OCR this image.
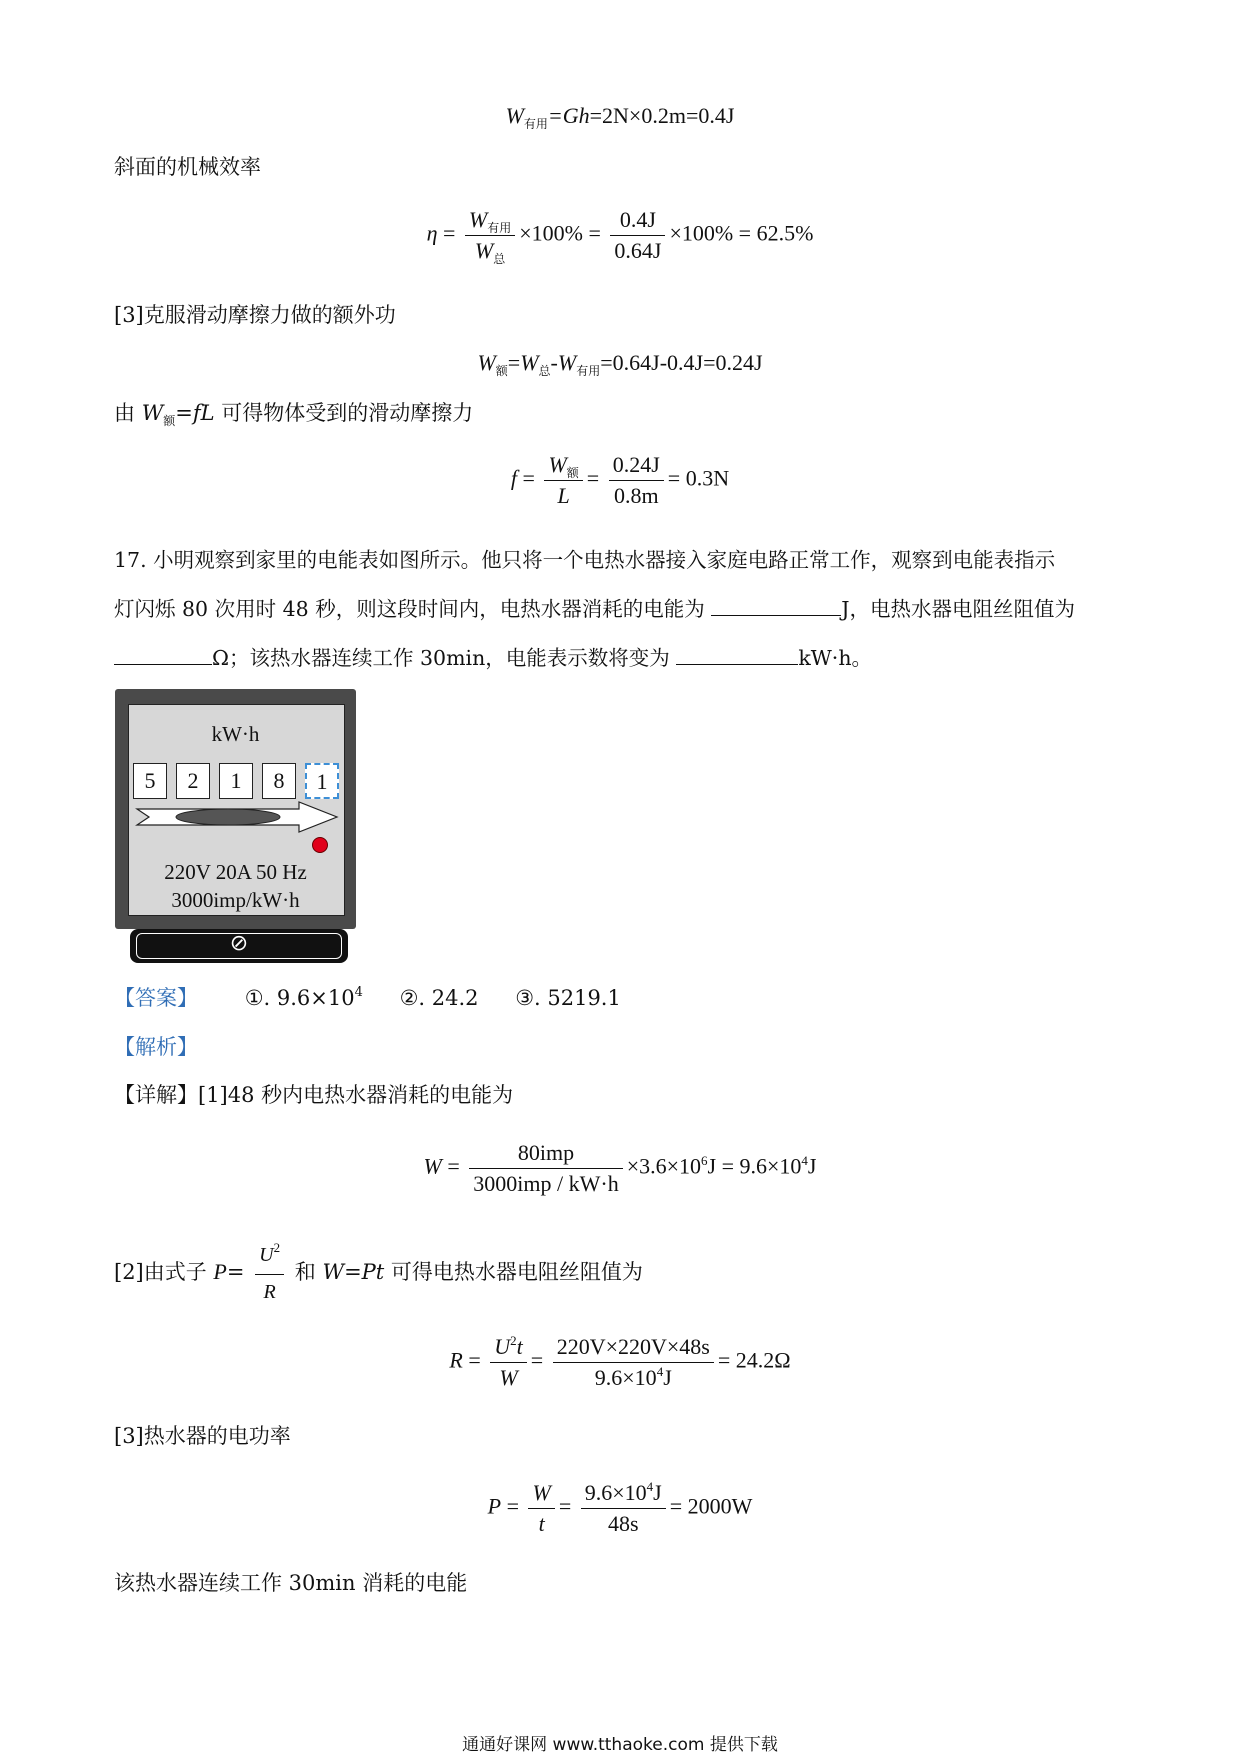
$W_{有用}=Gh=2N\times 0.2m=0.4J$
斜面的机械效率
$\eta = \frac{W_{有用}}{W_总} \times 100\% = \frac{0.4J}{0.64J} \times 100\% = 62.5\%$
[3]克服滑动摩擦力做的额外功
$W_额=W_总-W_{有用}=0.64J-0.4J=0.24J$
由 $W_额=fL$ 可得物体受到的滑动摩擦力
$f = \frac{W_额}{L} = \frac{0.24J}{0.8m} = 0.3N$
17. 小明观察到家里的电能表如图所示。他只将一个电热水器接入家庭电路正常工作，观察到电能表指示
灯闪烁 80 次用时 48 秒，则这段时间内，电热水器消耗的电能为	J，电热水器电阻丝阻值为
Ω；该热水器连续工作 30min，电能表示数将变为	kW·h。
kW·h
5	2	1	8	1
220V 20A 50 Hz
3000imp/kW·h
⊘
【答案】 ①. $9.6\times 10^4$ ②. 24.2 ③. 5219.1
【解析】
【详解】[1]48 秒内电热水器消耗的电能为
$W = \frac{\text{80imp}}{\text{3000imp / kW·h}} \times 3.6\times 10^6J = 9.6\times 10^4J$
[2]由式子 $P= \frac{U^2}{R}$ 和 W=Pt 可得电热水器电阻丝阻值为
$R = \frac{U^2t}{W} = \frac{220V\times 220V\times 48s}{9.6\times 10^4J} = 24.2\Omega$
[3]热水器的电功率
$P = \frac{W}{t} = \frac{9.6\times 10^4J}{48s} = 2000W$
该热水器连续工作 30min 消耗的电能
通通好课网 www.tthaoke.com 提供下载
